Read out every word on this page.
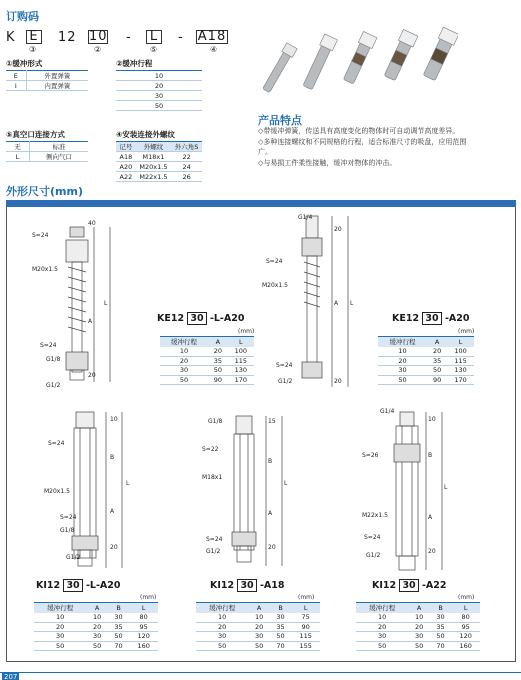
订购码
K E 12 10 - L - A18
③	②	⑤	④
①缓冲形式
E	外置弹簧
I	内置弹簧
②缓冲行程
10
20
30
50
⑤真空口连接方式
无	标准
L	侧向气口
④安装连接外螺纹
记号	外螺纹	外六角S
A18	M18x1	22
A20	M20x1.5	24
A22	M22x1.5	26
产品特点
◇带缓冲弹簧，传送具有高度变化的物体时可自动调节高度差异。
◇多种连接螺纹和不同规格的行程，适合标准尺寸的吸盘，应用范围广。
◇与易损工件柔性接触，缓冲对物体的冲击。
外形尺寸(mm)
S=24
M20x1.5
S=24
G1/8
G1/2
40
A
20
L
KE12 30 -L-A20
(mm)
缓冲行程	A	L
10	20	100
20	35	115
30	50	130
50	90	170
G1/4
S=24
M20x1.5
S=24
G1/2
20
A
20
L
KE12 30 -A20
(mm)
缓冲行程	A	L
10	20	100
20	35	115
30	50	130
50	90	170
S=24
M20x1.5
S=24
G1/8
G1/2
10
B
A
20
L
G1/8
S=22
M18x1
S=24
G1/2
15
B
A
20
L
G1/4
S=26
M22x1.5
S=24
G1/2
10
B
A
20
L
KI12 30 -L-A20	KI12 30 -A18	KI12 30 -A22
(mm)	(mm)	(mm)
缓冲行程	A	B	L
10	10	30	80
20	20	35	95
30	30	50	120
50	50	70	160
缓冲行程	A	B	L
10	10	30	75
20	20	35	90
30	30	50	115
50	50	70	155
缓冲行程	A	B	L
10	10	30	80
20	20	35	95
30	30	50	120
50	50	70	160
207
